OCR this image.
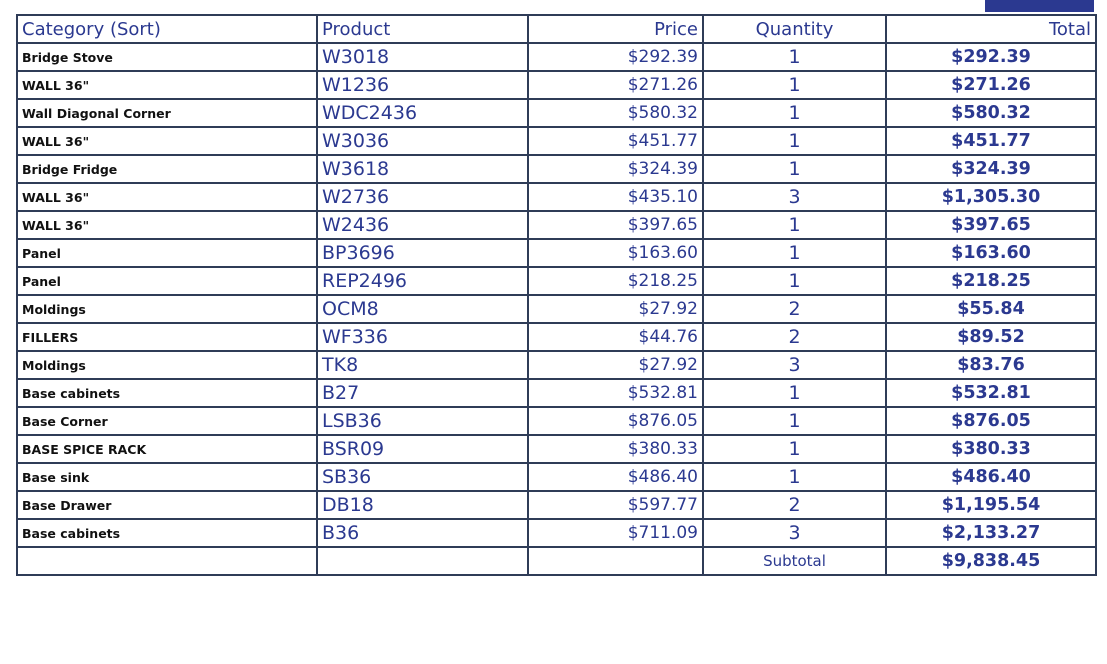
Category (Sort)	Product	Price	Quantity	Total
Bridge Stove	W3018	$292.39	1	$292.39
WALL 36"	W1236	$271.26	1	$271.26
Wall Diagonal Corner	WDC2436	$580.32	1	$580.32
WALL 36"	W3036	$451.77	1	$451.77
Bridge Fridge	W3618	$324.39	1	$324.39
WALL 36"	W2736	$435.10	3	$1,305.30
WALL 36"	W2436	$397.65	1	$397.65
Panel	BP3696	$163.60	1	$163.60
Panel	REP2496	$218.25	1	$218.25
Moldings	OCM8	$27.92	2	$55.84
FILLERS	WF336	$44.76	2	$89.52
Moldings	TK8	$27.92	3	$83.76
Base cabinets	B27	$532.81	1	$532.81
Base Corner	LSB36	$876.05	1	$876.05
BASE SPICE RACK	BSR09	$380.33	1	$380.33
Base sink	SB36	$486.40	1	$486.40
Base Drawer	DB18	$597.77	2	$1,195.54
Base cabinets	B36	$711.09	3	$2,133.27
			Subtotal	$9,838.45
